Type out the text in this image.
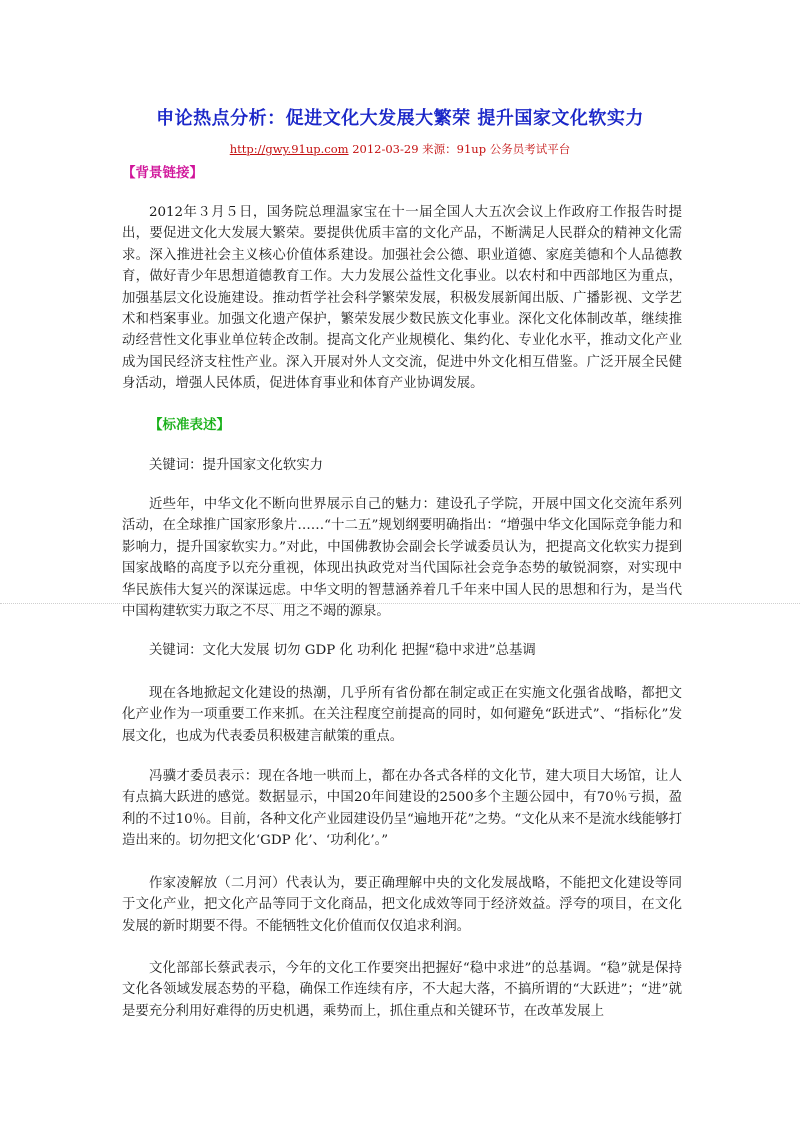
申论热点分析：促进文化大发展大繁荣 提升国家文化软实力
http://gwy.91up.com 2012-03-29 来源：91up 公务员考试平台
【背景链接】
2012年３月５日，国务院总理温家宝在十一届全国人大五次会议上作政府工作报告时提出，要促进文化大发展大繁荣。要提供优质丰富的文化产品，不断满足人民群众的精神文化需求。深入推进社会主义核心价值体系建设。加强社会公德、职业道德、家庭美德和个人品德教育，做好青少年思想道德教育工作。大力发展公益性文化事业。以农村和中西部地区为重点，加强基层文化设施建设。推动哲学社会科学繁荣发展，积极发展新闻出版、广播影视、文学艺术和档案事业。加强文化遗产保护，繁荣发展少数民族文化事业。深化文化体制改革，继续推动经营性文化事业单位转企改制。提高文化产业规模化、集约化、专业化水平，推动文化产业成为国民经济支柱性产业。深入开展对外人文交流，促进中外文化相互借鉴。广泛开展全民健身活动，增强人民体质，促进体育事业和体育产业协调发展。
【标准表述】
关键词：提升国家文化软实力
近些年，中华文化不断向世界展示自己的魅力：建设孔子学院，开展中国文化交流年系列活动，在全球推广国家形象片……“十二五”规划纲要明确指出：“增强中华文化国际竞争能力和影响力，提升国家软实力。”对此，中国佛教协会副会长学诚委员认为，把提高文化软实力提到国家战略的高度予以充分重视，体现出执政党对当代国际社会竞争态势的敏锐洞察，对实现中华民族伟大复兴的深谋远虑。中华文明的智慧涵养着几千年来中国人民的思想和行为，是当代中国构建软实力取之不尽、用之不竭的源泉。
关键词：文化大发展 切勿 GDP 化 功利化 把握“稳中求进”总基调
现在各地掀起文化建设的热潮，几乎所有省份都在制定或正在实施文化强省战略，都把文化产业作为一项重要工作来抓。在关注程度空前提高的同时，如何避免“跃进式”、“指标化”发展文化，也成为代表委员积极建言献策的重点。
冯骥才委员表示：现在各地一哄而上，都在办各式各样的文化节，建大项目大场馆，让人有点搞大跃进的感觉。数据显示，中国20年间建设的2500多个主题公园中，有70％亏损，盈利的不过10％。目前，各种文化产业园建设仍呈“遍地开花”之势。“文化从来不是流水线能够打造出来的。切勿把文化‘GDP 化’、‘功利化’。”
作家凌解放（二月河）代表认为，要正确理解中央的文化发展战略，不能把文化建设等同于文化产业，把文化产品等同于文化商品，把文化成效等同于经济效益。浮夸的项目，在文化发展的新时期要不得。不能牺牲文化价值而仅仅追求利润。
文化部部长蔡武表示，今年的文化工作要突出把握好“稳中求进”的总基调。“稳”就是保持文化各领域发展态势的平稳，确保工作连续有序，不大起大落，不搞所谓的“大跃进”；“进”就是要充分利用好难得的历史机遇，乘势而上，抓住重点和关键环节，在改革发展上
